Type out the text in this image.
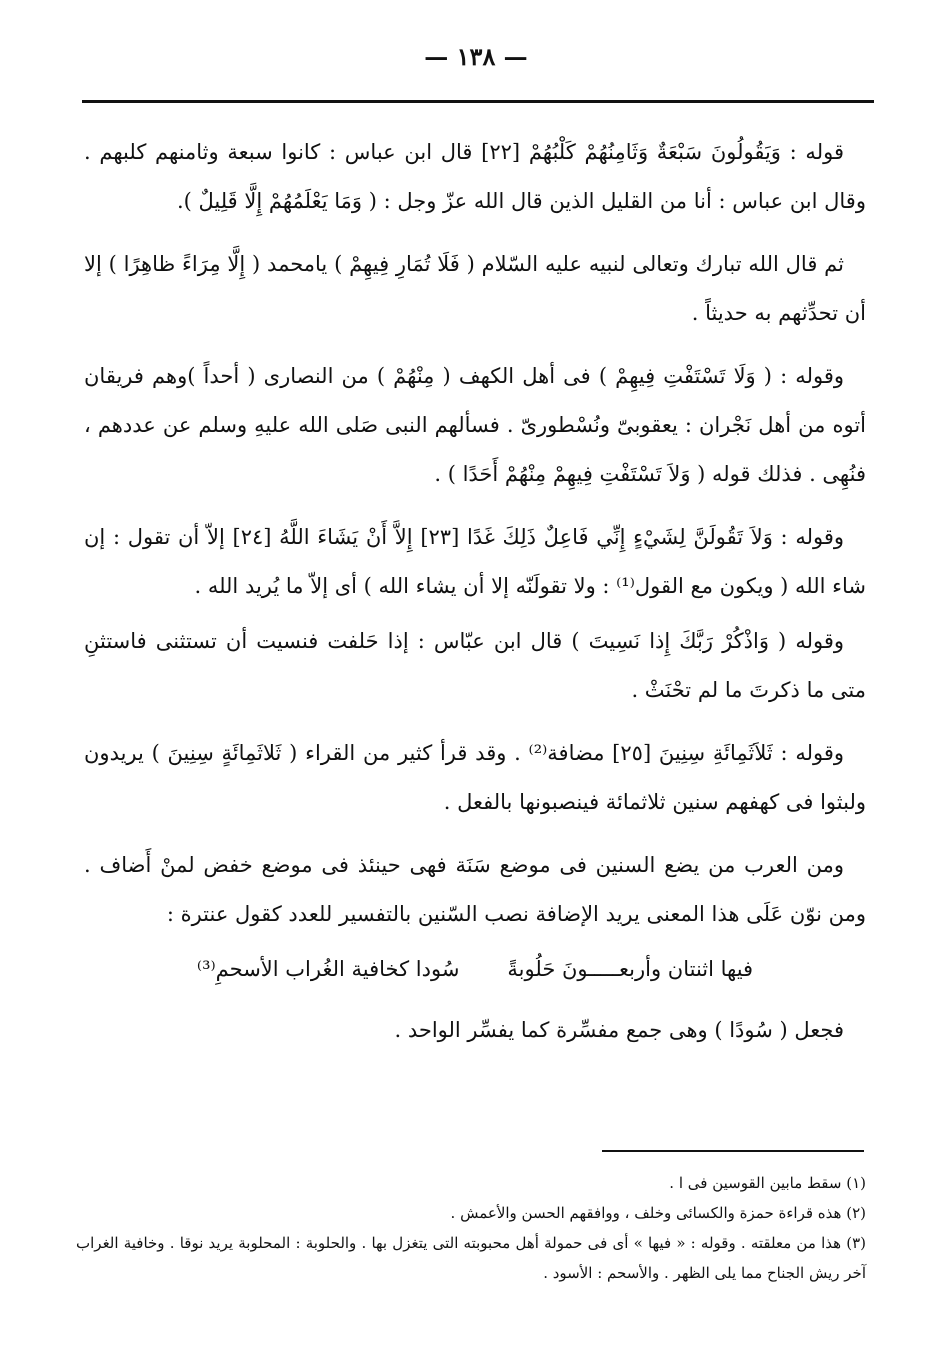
— ١٣٨ —

قوله : وَيَقُولُونَ سَبْعَةٌ وَثَامِنُهُمْ كَلْبُهُمْ [٢٢] قال ابن عباس : كانوا سبعة وثامنهم كلبهم . وقال ابن عباس : أنا من القليل الذين قال الله عزّ وجل : ( وَمَا يَعْلَمُهُمْ إِلَّا قَلِيلٌ ).

ثم قال الله تبارك وتعالى لنبيه عليه السّلام ( فَلَا تُمَارِ فِيهِمْ ) يامحمد ( إِلَّا مِرَاءً ظاهِرًا ) إلا أن تحدِّثهم به حديثاً .

وقوله : ( وَلَا تَسْتَفْتِ فِيهِمْ ) فى أهل الكهف ( مِنْهُمْ ) من النصارى ( أحداً )وهم فريقان أتوه من أهل نَجْران : يعقوبىّ ونُسْطورىّ . فسألهم النبى صَلى الله عليهِ وسلم عن عددهم ، فنُهِى . فذلك قوله ( وَلاَ تَسْتَفْتِ فِيهِمْ مِنْهُمْ أَحَدًا ) .

وقوله : وَلاَ تَقُولَنَّ لِشَيْءٍ إِنِّي فَاعِلٌ ذَلِكَ غَدًا [٢٣] إِلاَّ أَنْ يَشَاءَ اللَّهُ [٢٤] إلاّ أن تقول : إن شاء الله ( ويكون مع القول⁽¹⁾ : ولا تقولَنّه إلا أن يشاء الله ) أى إلاّ ما يُريد الله .

وقوله ( وَاذْكُرْ رَبَّكَ إِذا نَسِيتَ ) قال ابن عبّاس : إذا حَلفت فنسيت أن تستثنى فاستثنِ متى ما ذكرتَ ما لم تحْنَثْ .

وقوله : ثَلاَثَمِائَةِ سِنِينَ [٢٥] مضافة⁽²⁾ . وقد قرأ كثير من القراء ( ثَلاثَمِائَةٍ سِنِينَ ) يريدون ولبثوا فى كهفهم سنين ثلاثمائة فينصبونها بالفعل .

ومن العرب من يضع السنين فى موضع سَنَة فهى حينئذ فى موضع خفض لمنْ أَضاف . ومن نوّن عَلَى هذا المعنى يريد الإضافة نصب السّنين بالتفسير للعدد كقول عنترة :

فيها اثنتان وأربعـــــونَ حَلُوبةً
سُودا كخافية الغُراب الأسحمِ⁽³⁾

فجعل ( سُودًا ) وهى جمع مفسِّرة كما يفسِّر الواحد .

(١) سقط مابين القوسين فى ا .

(٢) هذه قراءة حمزة والكسائى وخلف ، ووافقهم الحسن والأعمش .

(٣) هذا من معلقته . وقوله : « فيها » أى فى حمولة أهل محبوبته التى يتغزل بها . والحلوبة : المحلوبة يريد نوقا . وخافية الغراب آخر ريش الجناح مما يلى الظهر . والأسحم : الأسود .
